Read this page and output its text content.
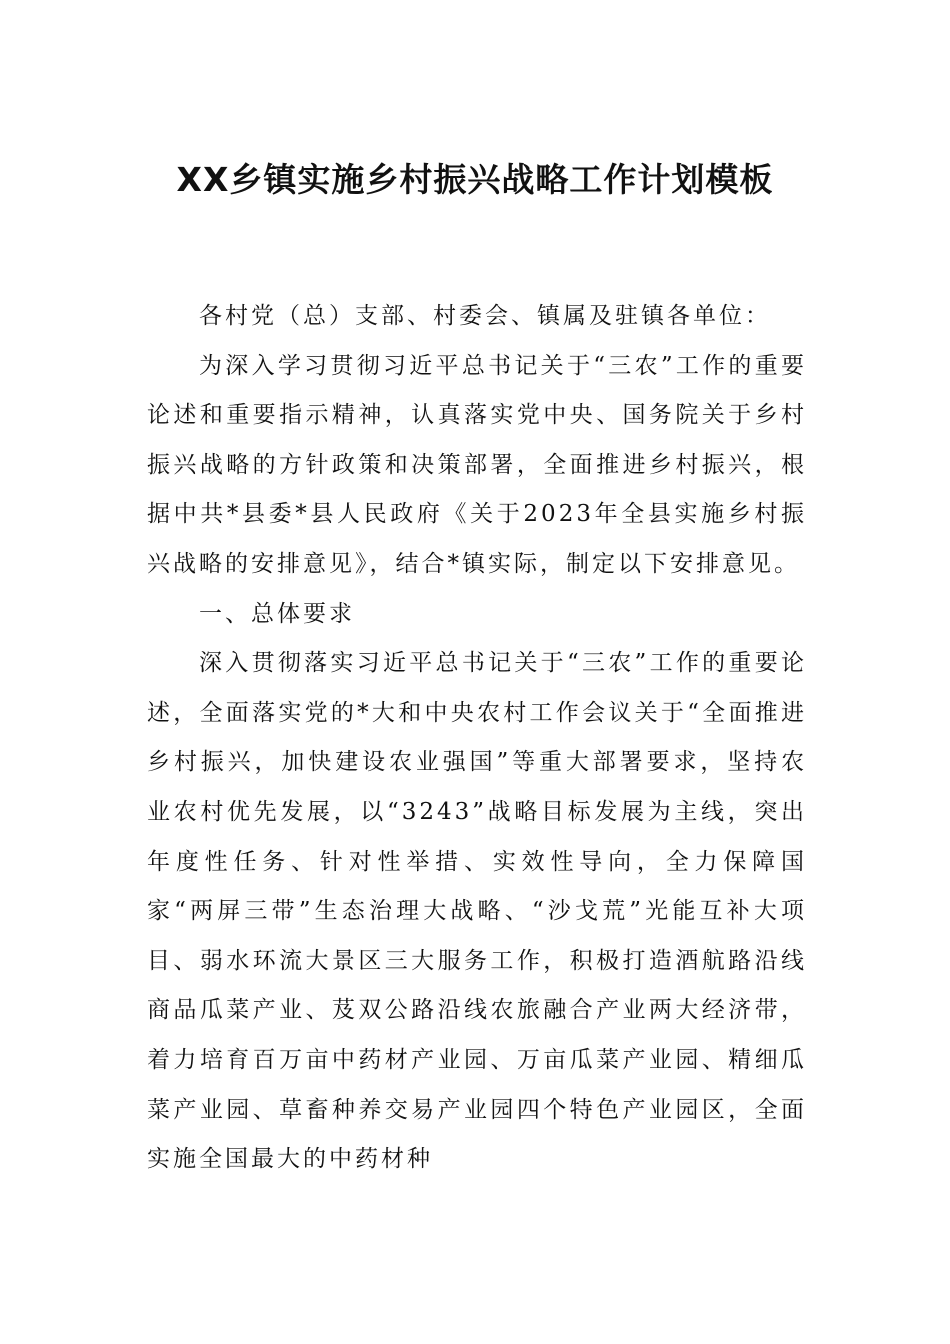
XX乡镇实施乡村振兴战略工作计划模板

各村党（总）支部、村委会、镇属及驻镇各单位：

为深入学习贯彻习近平总书记关于“三农”工作的重要论述和重要指示精神，认真落实党中央、国务院关于乡村振兴战略的方针政策和决策部署，全面推进乡村振兴，根据中共*县委*县人民政府《关于2023年全县实施乡村振兴战略的安排意见》，结合*镇实际，制定以下安排意见。

一、总体要求

深入贯彻落实习近平总书记关于“三农”工作的重要论述，全面落实党的*大和中央农村工作会议关于“全面推进乡村振兴，加快建设农业强国”等重大部署要求，坚持农业农村优先发展，以“3243”战略目标发展为主线，突出年度性任务、针对性举措、实效性导向，全力保障国家“两屏三带”生态治理大战略、“沙戈荒”光能互补大项目、弱水环流大景区三大服务工作，积极打造酒航路沿线商品瓜菜产业、芨双公路沿线农旅融合产业两大经济带，着力培育百万亩中药材产业园、万亩瓜菜产业园、精细瓜菜产业园、草畜种养交易产业园四个特色产业园区，全面实施全国最大的中药材种
